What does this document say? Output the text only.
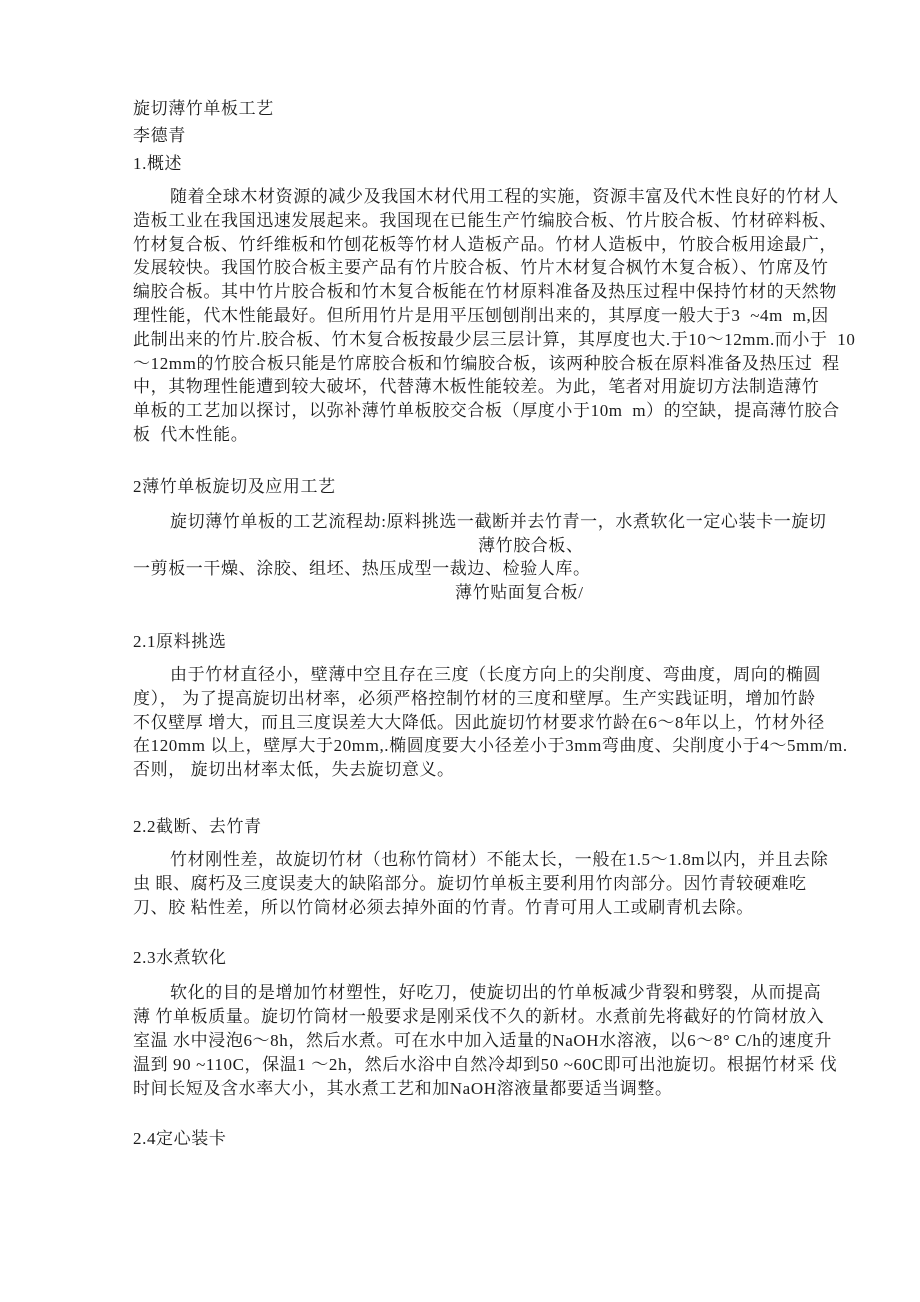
旋切薄竹单板工艺
李德青
1.概述
随着全球木材资源的减少及我国木材代用工程的实施，资源丰富及代木性良好的竹材人
造板工业在我国迅速发展起来。我国现在已能生产竹编胶合板、竹片胶合板、竹材碎料板、
竹材复合板、竹纤维板和竹刨花板等竹材人造板产品。竹材人造板中，竹胶合板用途最广，
发展较快。我国竹胶合板主要产品有竹片胶合板、竹片木材复合枫竹木复合板）、竹席及竹
编胶合板。其中竹片胶合板和竹木复合板能在竹材原料准备及热压过程中保持竹材的天然物
理性能，代木性能最好。但所用竹片是用平压刨刨削出来的，其厚度一般大于3  ~4m  m,因
此制出来的竹片.胶合板、竹木复合板按最少层三层计算，其厚度也大.于10〜12mm.而小于  10
〜12mm的竹胶合板只能是竹席胶合板和竹编胶合板，该两种胶合板在原料准备及热压过  程
中，其物理性能遭到较大破坏，代替薄木板性能较差。为此，笔者对用旋切方法制造薄竹
单板的工艺加以探讨，以弥补薄竹单板胶交合板（厚度小于10m  m）的空缺，提高薄竹胶合
板  代木性能。
2薄竹单板旋切及应用工艺
旋切薄竹单板的工艺流程劫:原料挑选一截断并去竹青一，水煮软化一定心装卡一旋切
薄竹胶合板、
一剪板一干燥、涂胶、组坯、热压成型一裁边、检验人库。
薄竹贴面复合板/
2.1原料挑选
由于竹材直径小，壁薄中空且存在三度（长度方向上的尖削度、弯曲度，周向的椭圆
度）， 为了提高旋切出材率，必须严格控制竹材的三度和壁厚。生产实践证明，增加竹龄
不仅壁厚 增大，而且三度误差大大降低。因此旋切竹材要求竹龄在6〜8年以上，竹材外径
在120mm 以上，壁厚大于20mm,.椭圆度要大小径差小于3mm弯曲度、尖削度小于4〜5mm/m.
否则， 旋切出材率太低，失去旋切意义。
2.2截断、去竹青
竹材刚性差，故旋切竹材（也称竹筒材）不能太长，一般在1.5〜1.8m以内，并且去除
虫 眼、腐朽及三度误麦大的缺陷部分。旋切竹单板主要利用竹肉部分。因竹青较硬难吃
刀、胶 粘性差，所以竹筒材必须去掉外面的竹青。竹青可用人工或刷青机去除。
2.3水煮软化
软化的目的是增加竹材塑性，好吃刀，使旋切出的竹单板减少背裂和劈裂，从而提高
薄 竹单板质量。旋切竹筒材一般要求是刚采伐不久的新材。水煮前先将截好的竹筒材放入
室温 水中浸泡6〜8h，然后水煮。可在水中加入适量的NaOH水溶液，以6〜8° C/h的速度升
温到 90 ~110C，保温1 〜2h，然后水浴中自然冷却到50 ~60C即可出池旋切。根据竹材采 伐
时间长短及含水率大小，其水煮工艺和加NaOH溶液量都要适当调整。
2.4定心装卡
